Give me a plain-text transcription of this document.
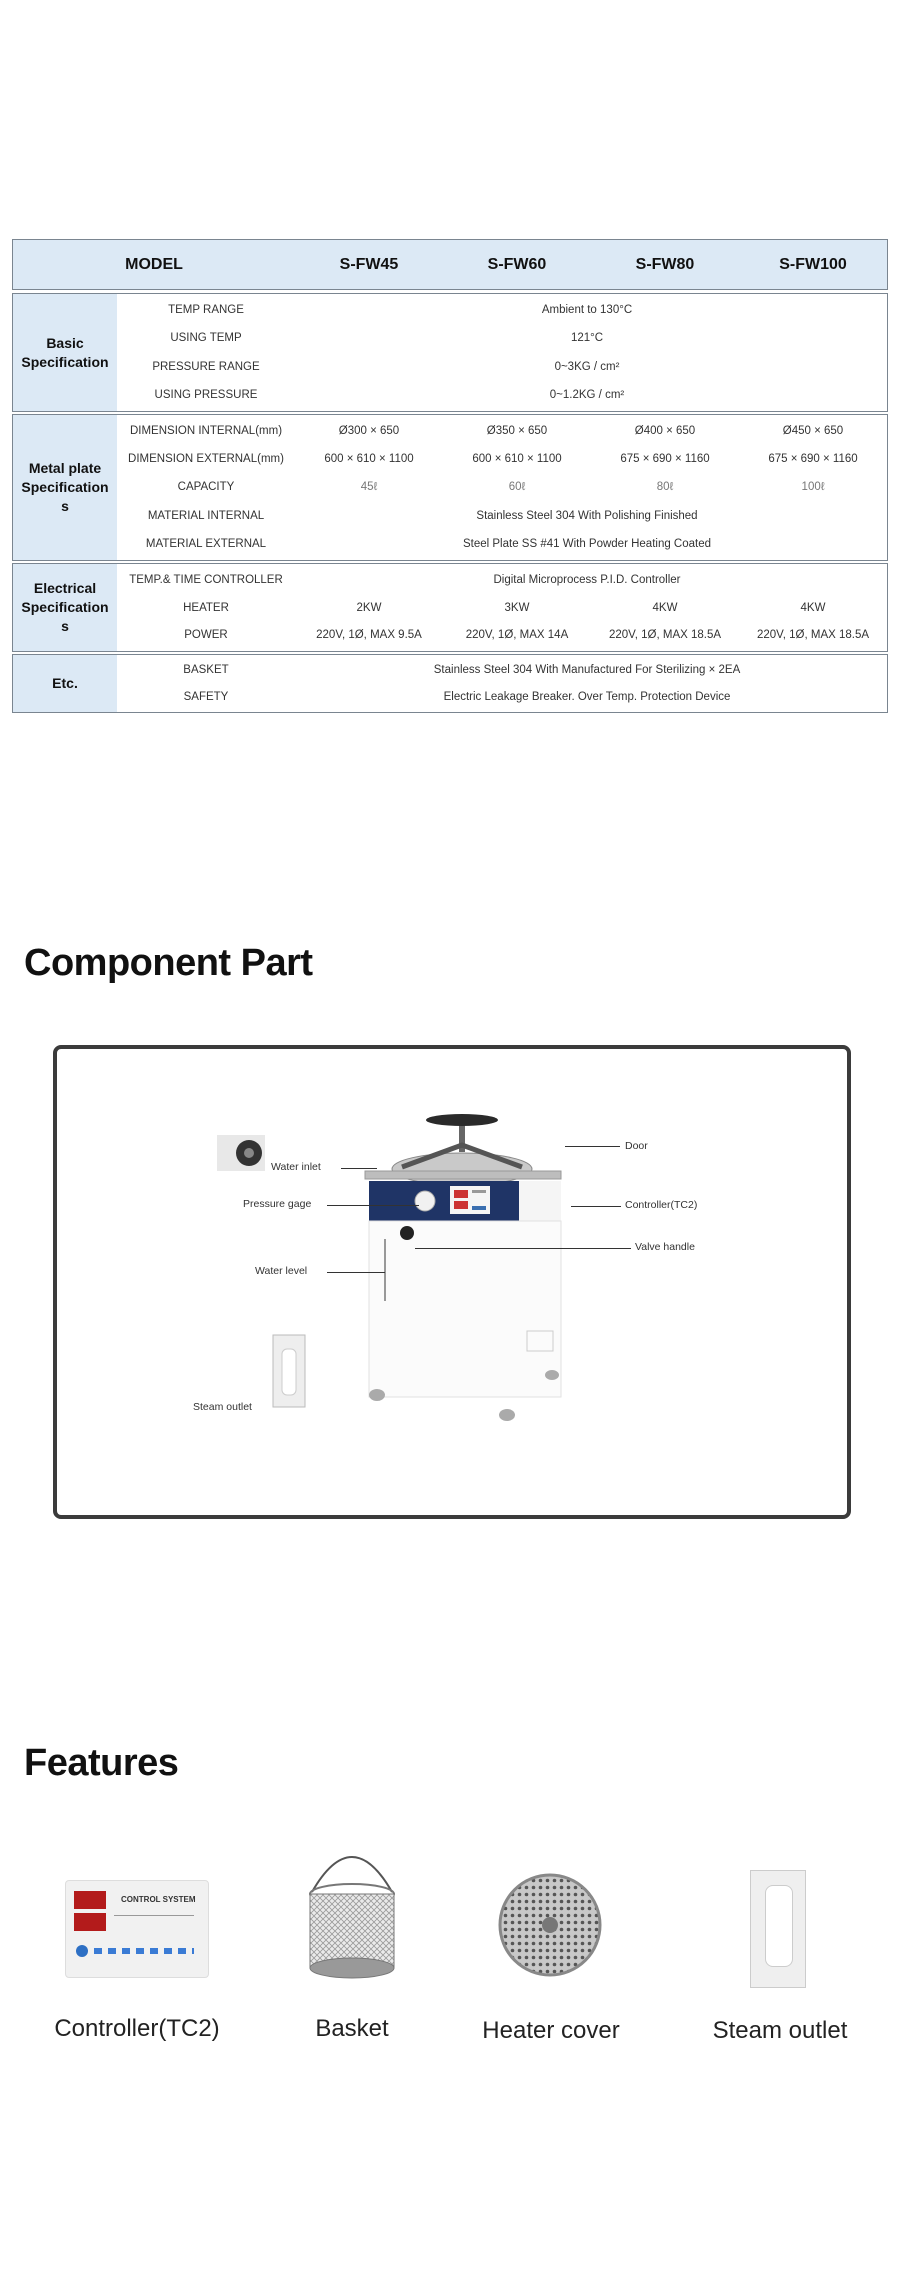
MODEL	S-FW45	S-FW60	S-FW80	S-FW100
Basic Specification
TEMP RANGE	Ambient to 130°C
USING TEMP	121°C
PRESSURE RANGE	0~3KG / cm²
USING PRESSURE	0~1.2KG / cm²
Metal plate Specification s
DIMENSION INTERNAL(mm)	Ø300 × 650	Ø350 × 650	Ø400 × 650	Ø450 × 650
DIMENSION EXTERNAL(mm)	600 × 610 × 1100	600 × 610 × 1100	675 × 690 × 1160	675 × 690 × 1160
CAPACITY	45ℓ	60ℓ	80ℓ	100ℓ
MATERIAL INTERNAL	Stainless Steel 304 With Polishing Finished
MATERIAL EXTERNAL	Steel Plate SS #41 With Powder Heating Coated
Electrical Specification s
TEMP.& TIME CONTROLLER	Digital Microprocess P.I.D. Controller
HEATER	2KW	3KW	4KW	4KW
POWER	220V, 1Ø, MAX 9.5A	220V, 1Ø, MAX 14A	220V, 1Ø, MAX 18.5A	220V, 1Ø, MAX 18.5A
Etc.
BASKET	Stainless Steel 304 With Manufactured For Sterilizing × 2EA
SAFETY	Electric Leakage Breaker. Over Temp. Protection Device
Component Part
Door
Water inlet
Pressure gage	Controller(TC2)
Valve handle
Water level
Steam outlet
Features
CONTROL SYSTEM
Controller(TC2)	Basket	Heater cover	Steam outlet
